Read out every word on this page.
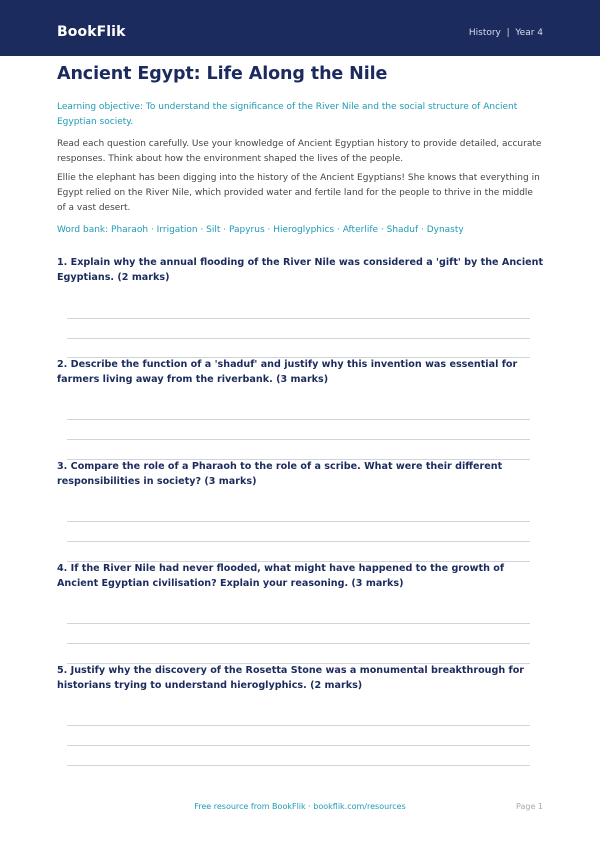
BookFlik	History  |  Year 4
Ancient Egypt: Life Along the Nile

Learning objective: To understand the significance of the River Nile and the social structure of Ancient Egyptian society.

Read each question carefully. Use your knowledge of Ancient Egyptian history to provide detailed, accurate responses. Think about how the environment shaped the lives of the people.

Ellie the elephant has been digging into the history of the Ancient Egyptians! She knows that everything in Egypt relied on the River Nile, which provided water and fertile land for the people to thrive in the middle of a vast desert.

Word bank: Pharaoh · Irrigation · Silt · Papyrus · Hieroglyphics · Afterlife · Shaduf · Dynasty

1. Explain why the annual flooding of the River Nile was considered a 'gift' by the Ancient Egyptians. (2 marks)

2. Describe the function of a 'shaduf' and justify why this invention was essential for farmers living away from the riverbank. (3 marks)

3. Compare the role of a Pharaoh to the role of a scribe. What were their different responsibilities in society? (3 marks)

4. If the River Nile had never flooded, what might have happened to the growth of Ancient Egyptian civilisation? Explain your reasoning. (3 marks)

5. Justify why the discovery of the Rosetta Stone was a monumental breakthrough for historians trying to understand hieroglyphics. (2 marks)

Free resource from BookFlik · bookflik.com/resources	Page 1
